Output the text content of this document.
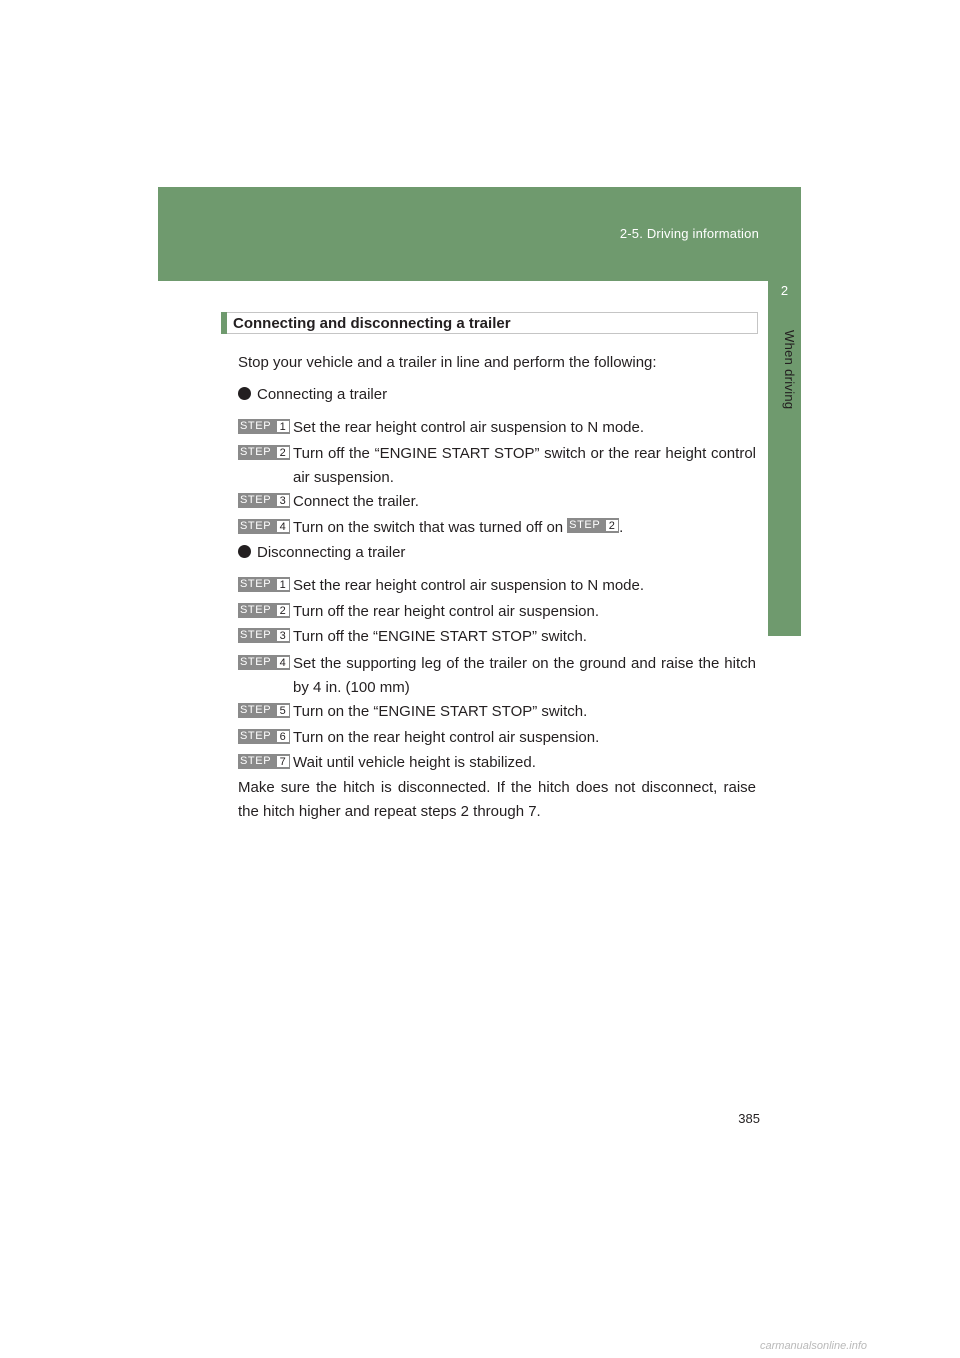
2-5. Driving information
2
When driving
Connecting and disconnecting a trailer
Stop your vehicle and a trailer in line and perform the following:
Connecting a trailer
STEP 1 Set the rear height control air suspension to N mode.
STEP 2 Turn off the “ENGINE START STOP” switch or the rear height control air suspension.
STEP 3 Connect the trailer.
STEP 4 Turn on the switch that was turned off on STEP 2 .
Disconnecting a trailer
STEP 1 Set the rear height control air suspension to N mode.
STEP 2 Turn off the rear height control air suspension.
STEP 3 Turn off the “ENGINE START STOP” switch.
STEP 4 Set the supporting leg of the trailer on the ground and raise the hitch by 4 in. (100 mm)
STEP 5 Turn on the “ENGINE START STOP” switch.
STEP 6 Turn on the rear height control air suspension.
STEP 7 Wait until vehicle height is stabilized.
Make sure the hitch is disconnected. If the hitch does not disconnect, raise the hitch higher and repeat steps 2 through 7.
385
carmanualsonline.info
